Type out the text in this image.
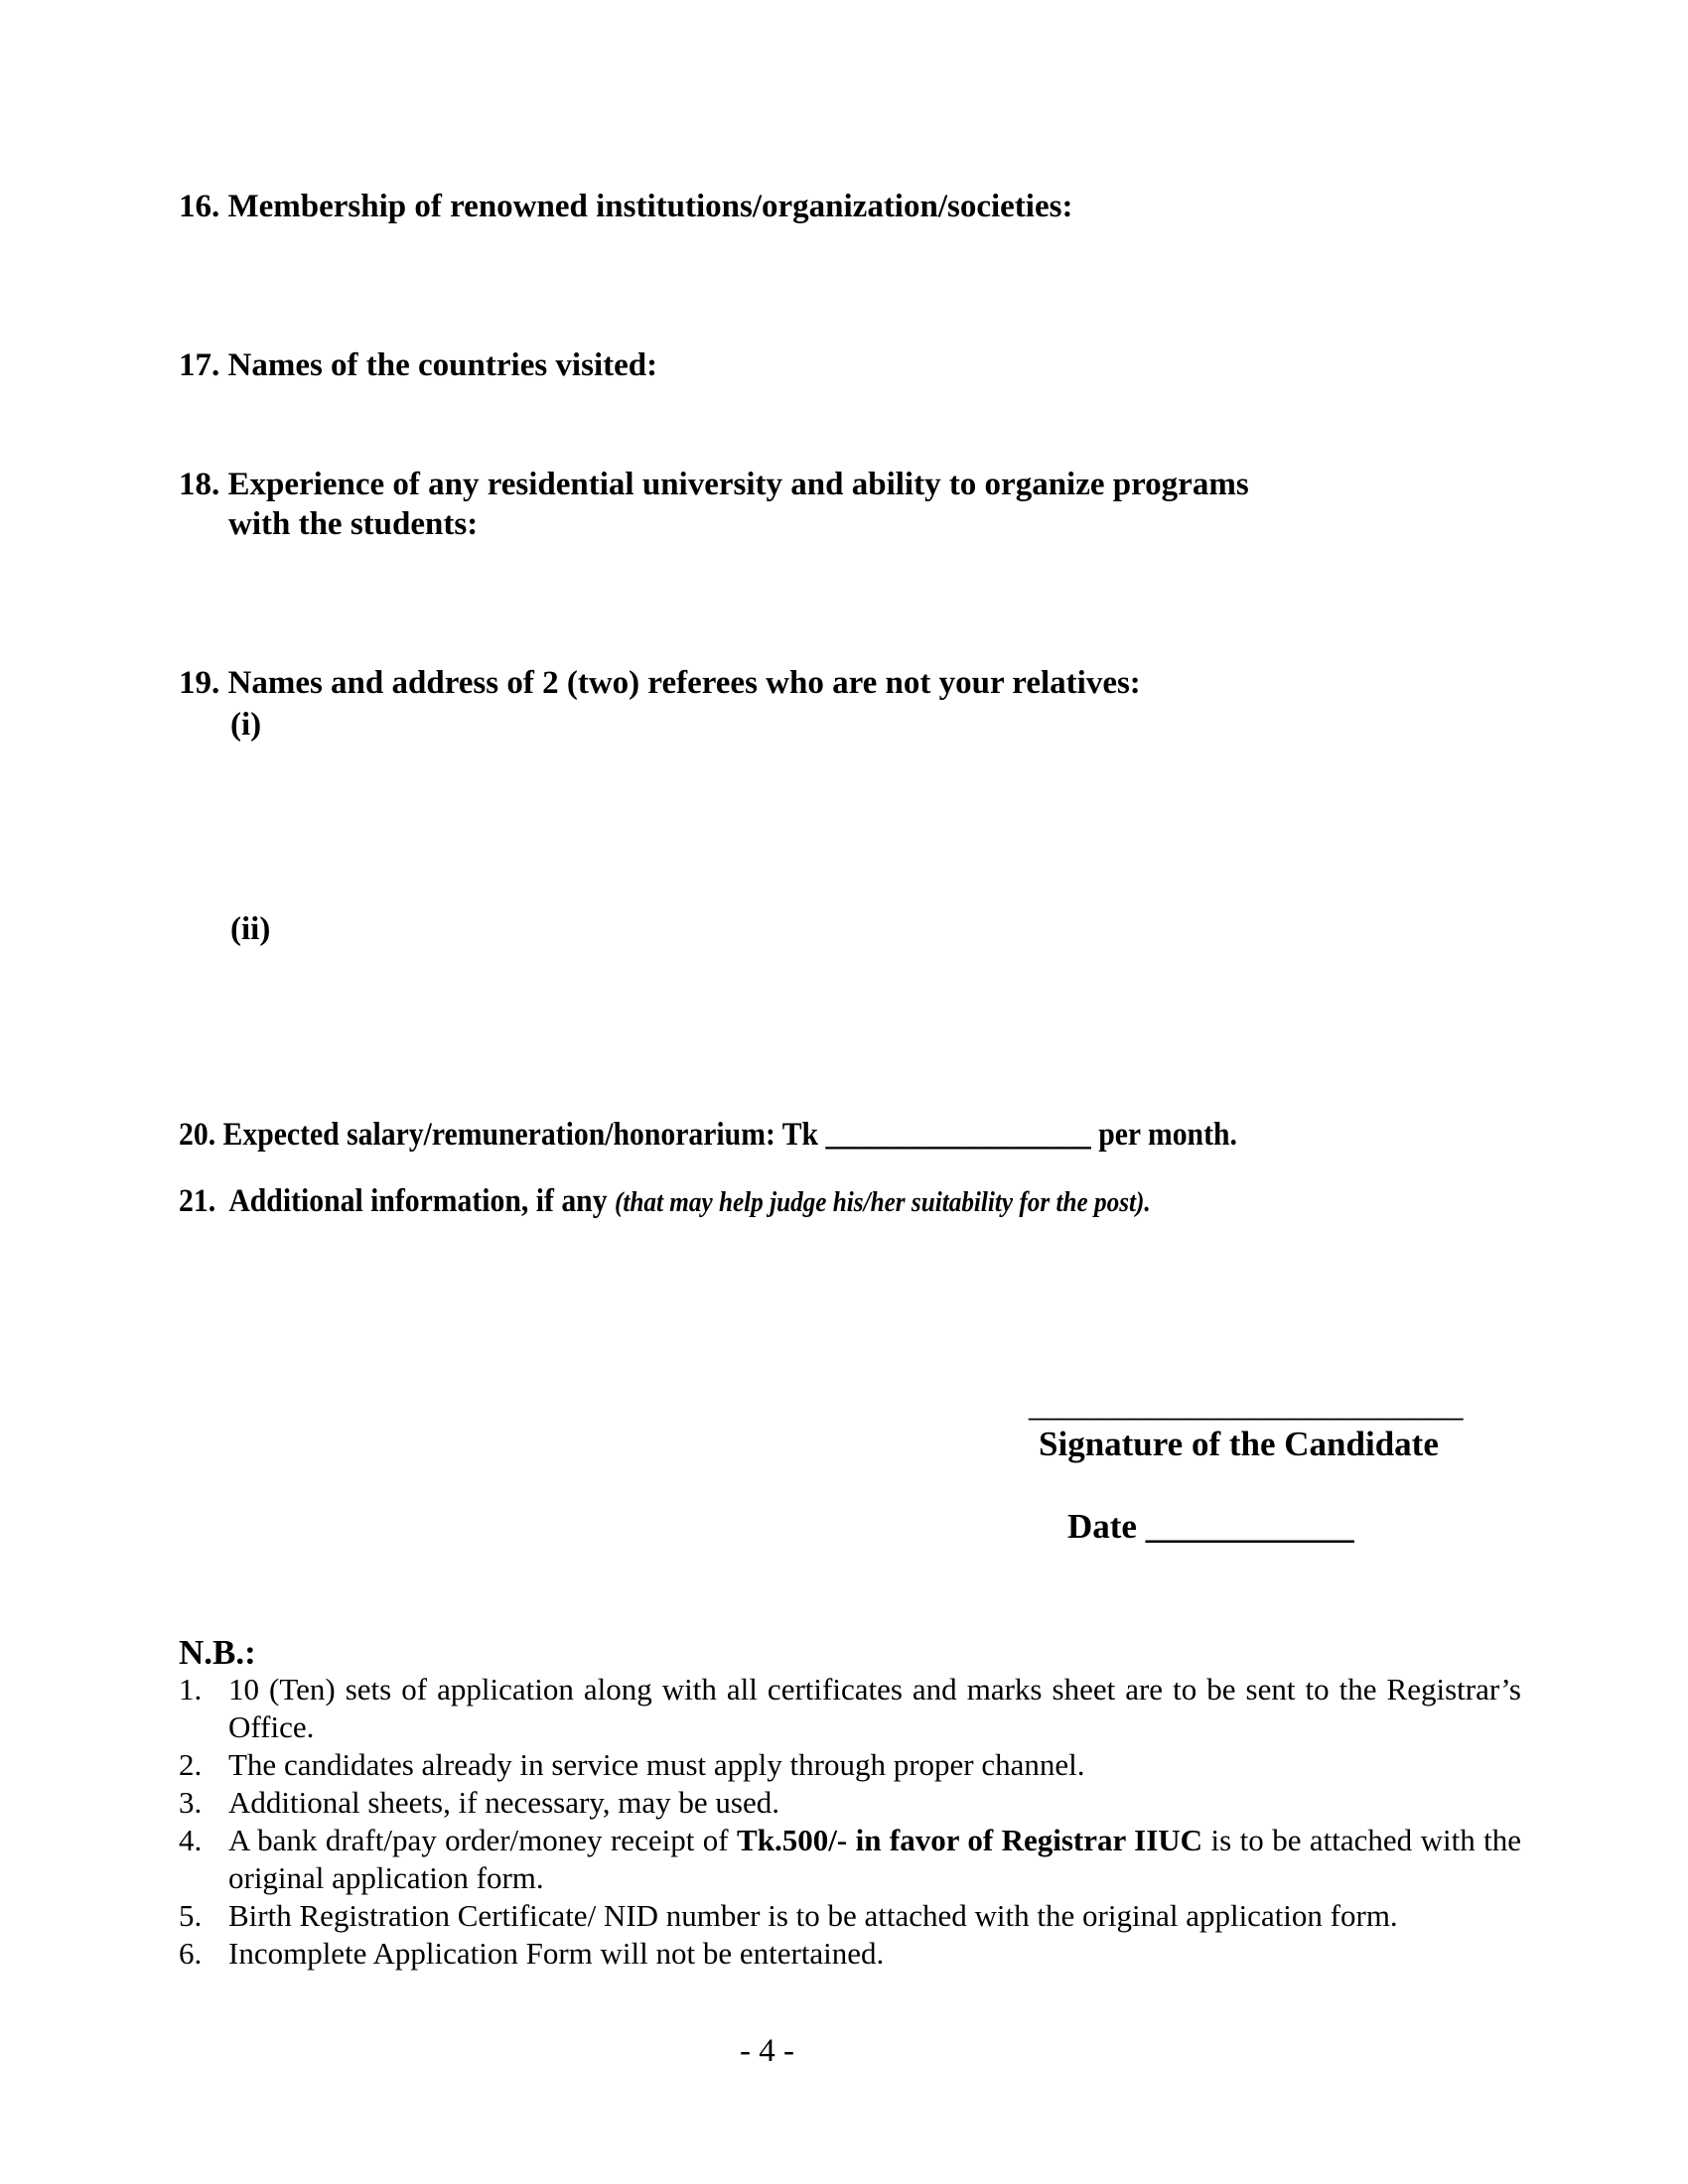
16. Membership of renowned institutions/organization/societies:
17. Names of the countries visited:
18. Experience of any residential university and ability to organize programs
with the students:
19. Names and address of 2 (two) referees who are not your relatives:
(i)
(ii)
20. Expected salary/remuneration/honorarium: Tk __________________ per month.
21. Additional information, if any (that may help judge his/her suitability for the post).
_________________________
Signature of the Candidate
Date ____________
N.B.:
1. 10 (Ten) sets of application along with all certificates and marks sheet are to be sent to the Registrar’s Office.
2. The candidates already in service must apply through proper channel.
3. Additional sheets, if necessary, may be used.
4. A bank draft/pay order/money receipt of Tk.500/- in favor of Registrar IIUC is to be attached with the original application form.
5. Birth Registration Certificate/ NID number is to be attached with the original application form.
6. Incomplete Application Form will not be entertained.
- 4 -
